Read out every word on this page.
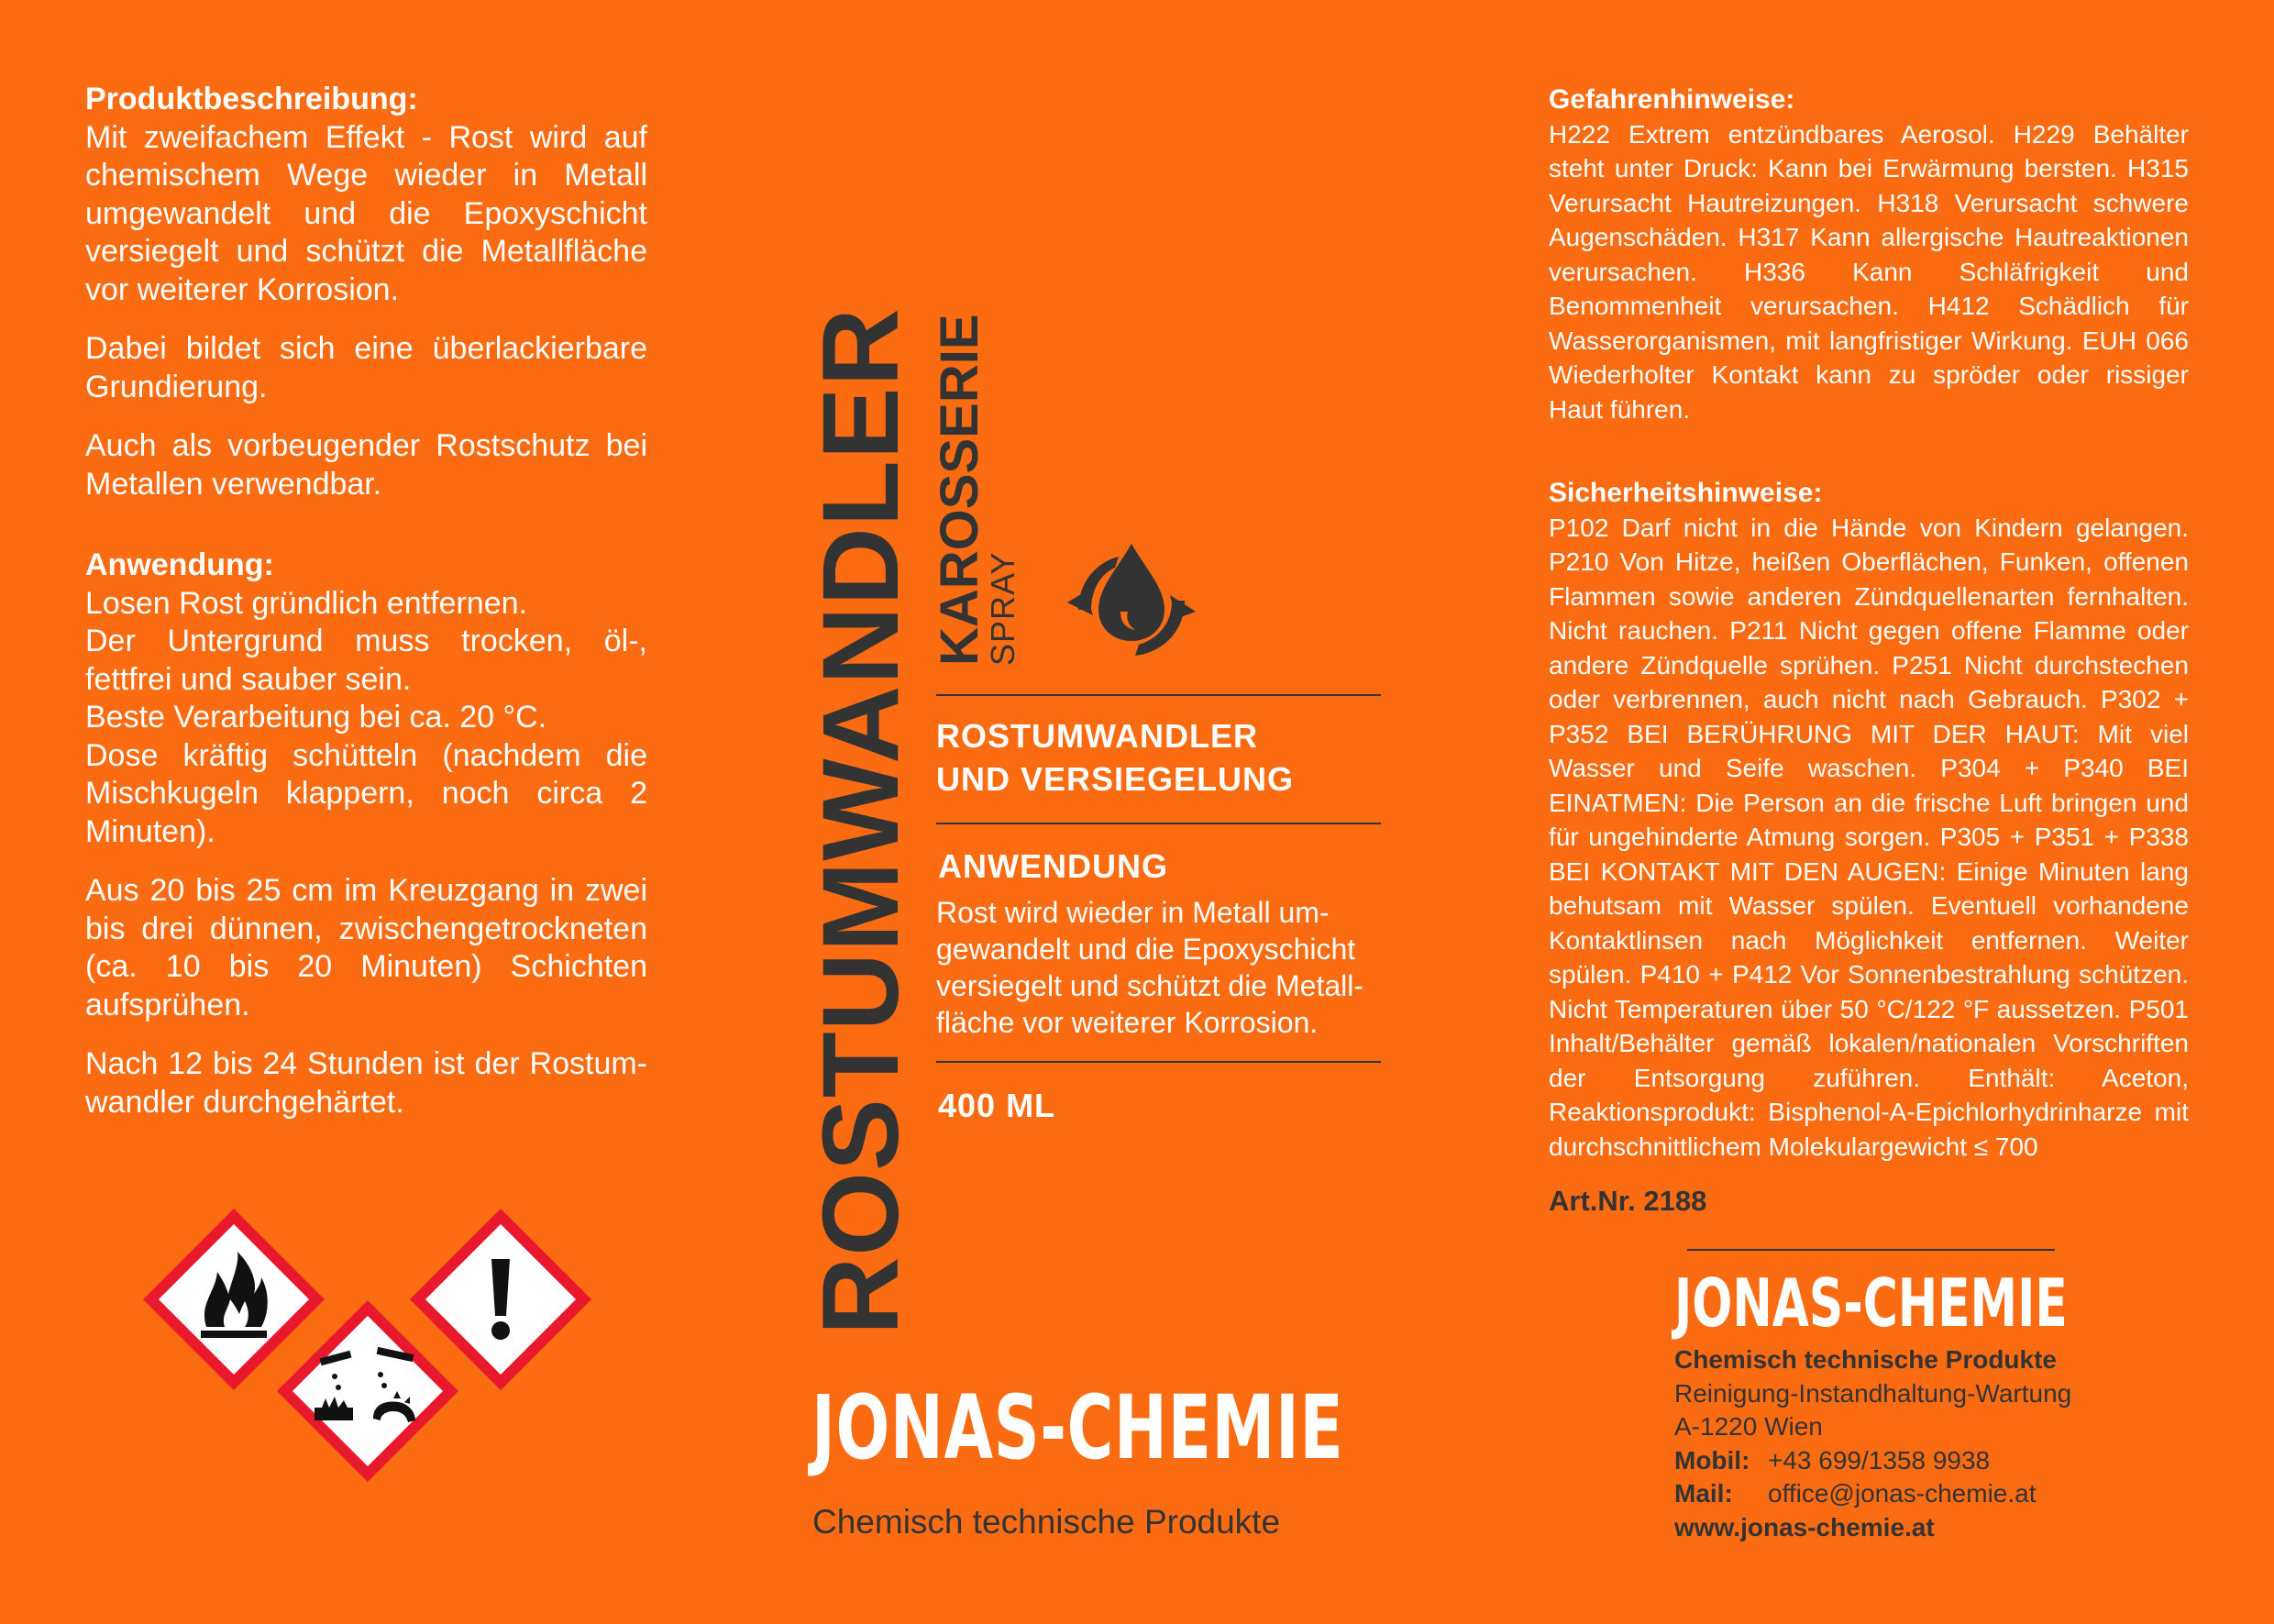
Produktbeschreibung:

Mit zweifachem Effekt - Rost wird auf chemischem Wege wieder in Metall umgewandelt und die Epoxyschicht versiegelt und schützt die Metallfläche vor weiterer Korrosion.

Dabei bildet sich eine überlackierbare Grundierung.

Auch als vorbeugender Rostschutz bei Metallen verwendbar.

Anwendung:

Losen Rost gründlich entfernen.

Der Untergrund muss trocken, öl-, fettfrei und sauber sein.

Beste Verarbeitung bei ca. 20 °C.

Dose kräftig schütteln (nachdem die Mischkugeln klappern, noch circa 2 Minuten).

Aus 20 bis 25 cm im Kreuzgang in zwei bis drei dünnen, zwischengetrockneten (ca. 10 bis 20 Minuten) Schichten aufsprühen.

Nach 12 bis 24 Stunden ist der Rostumwandler durchgehärtet.	ROSTUMWANDLER KAROSSERIE
SPRAY
ROSTUMWANDLER
UND VERSIEGELUNG
ANWENDUNG
Rost wird wieder in Metall umgewandelt und die Epoxyschicht versiegelt und schützt die Metallfläche vor weiterer Korrosion.
400 ML
JONAS-CHEMIE
Chemisch technische Produkte

Gefahrenhinweise:

H222 Extrem entzündbares Aerosol. H229 Behälter steht unter Druck: Kann bei Erwärmung bersten. H315 Verursacht Hautreizungen. H318 Verursacht schwere Augenschäden. H317 Kann allergische Hautreaktionen verursachen. H336 Kann Schläfrigkeit und Benommenheit verursachen. H412 Schädlich für Wasserorganismen, mit langfristiger Wirkung. EUH 066 Wiederholter Kontakt kann zu spröder oder rissiger Haut führen.

Sicherheitshinweise:

P102 Darf nicht in die Hände von Kindern gelangen. P210 Von Hitze, heißen Oberflächen, Funken, offenen Flammen sowie anderen Zündquellenarten fernhalten. Nicht rauchen. P211 Nicht gegen offene Flamme oder andere Zündquelle sprühen. P251 Nicht durchstechen oder verbrennen, auch nicht nach Gebrauch. P302 + P352 BEI BERÜHRUNG MIT DER HAUT: Mit viel Wasser und Seife waschen. P304 + P340 BEI EINATMEN: Die Person an die frische Luft bringen und für ungehinderte Atmung sorgen. P305 + P351 + P338 BEI KONTAKT MIT DEN AUGEN: Einige Minuten lang behutsam mit Wasser spülen. Eventuell vorhandene Kontaktlinsen nach Möglichkeit entfernen. Weiter spülen. P410 + P412 Vor Sonnenbestrahlung schützen. Nicht Temperaturen über 50 °C/122 °F aussetzen. P501 Inhalt/Behälter gemäß lokalen/nationalen Vorschriften der Entsorgung zuführen. Enthält: Aceton, Reaktionsprodukt: Bisphenol-A-Epichlorhydrinharze mit durchschnittlichem Molekulargewicht ≤ 700

Art.Nr. 2188
JONAS-CHEMIE
Chemisch technische Produkte
Reinigung-Instandhaltung-Wartung
A-1220 Wien
Mobil: +43 699/1358 9938
Mail: office@jonas-chemie.at
www.jonas-chemie.at
